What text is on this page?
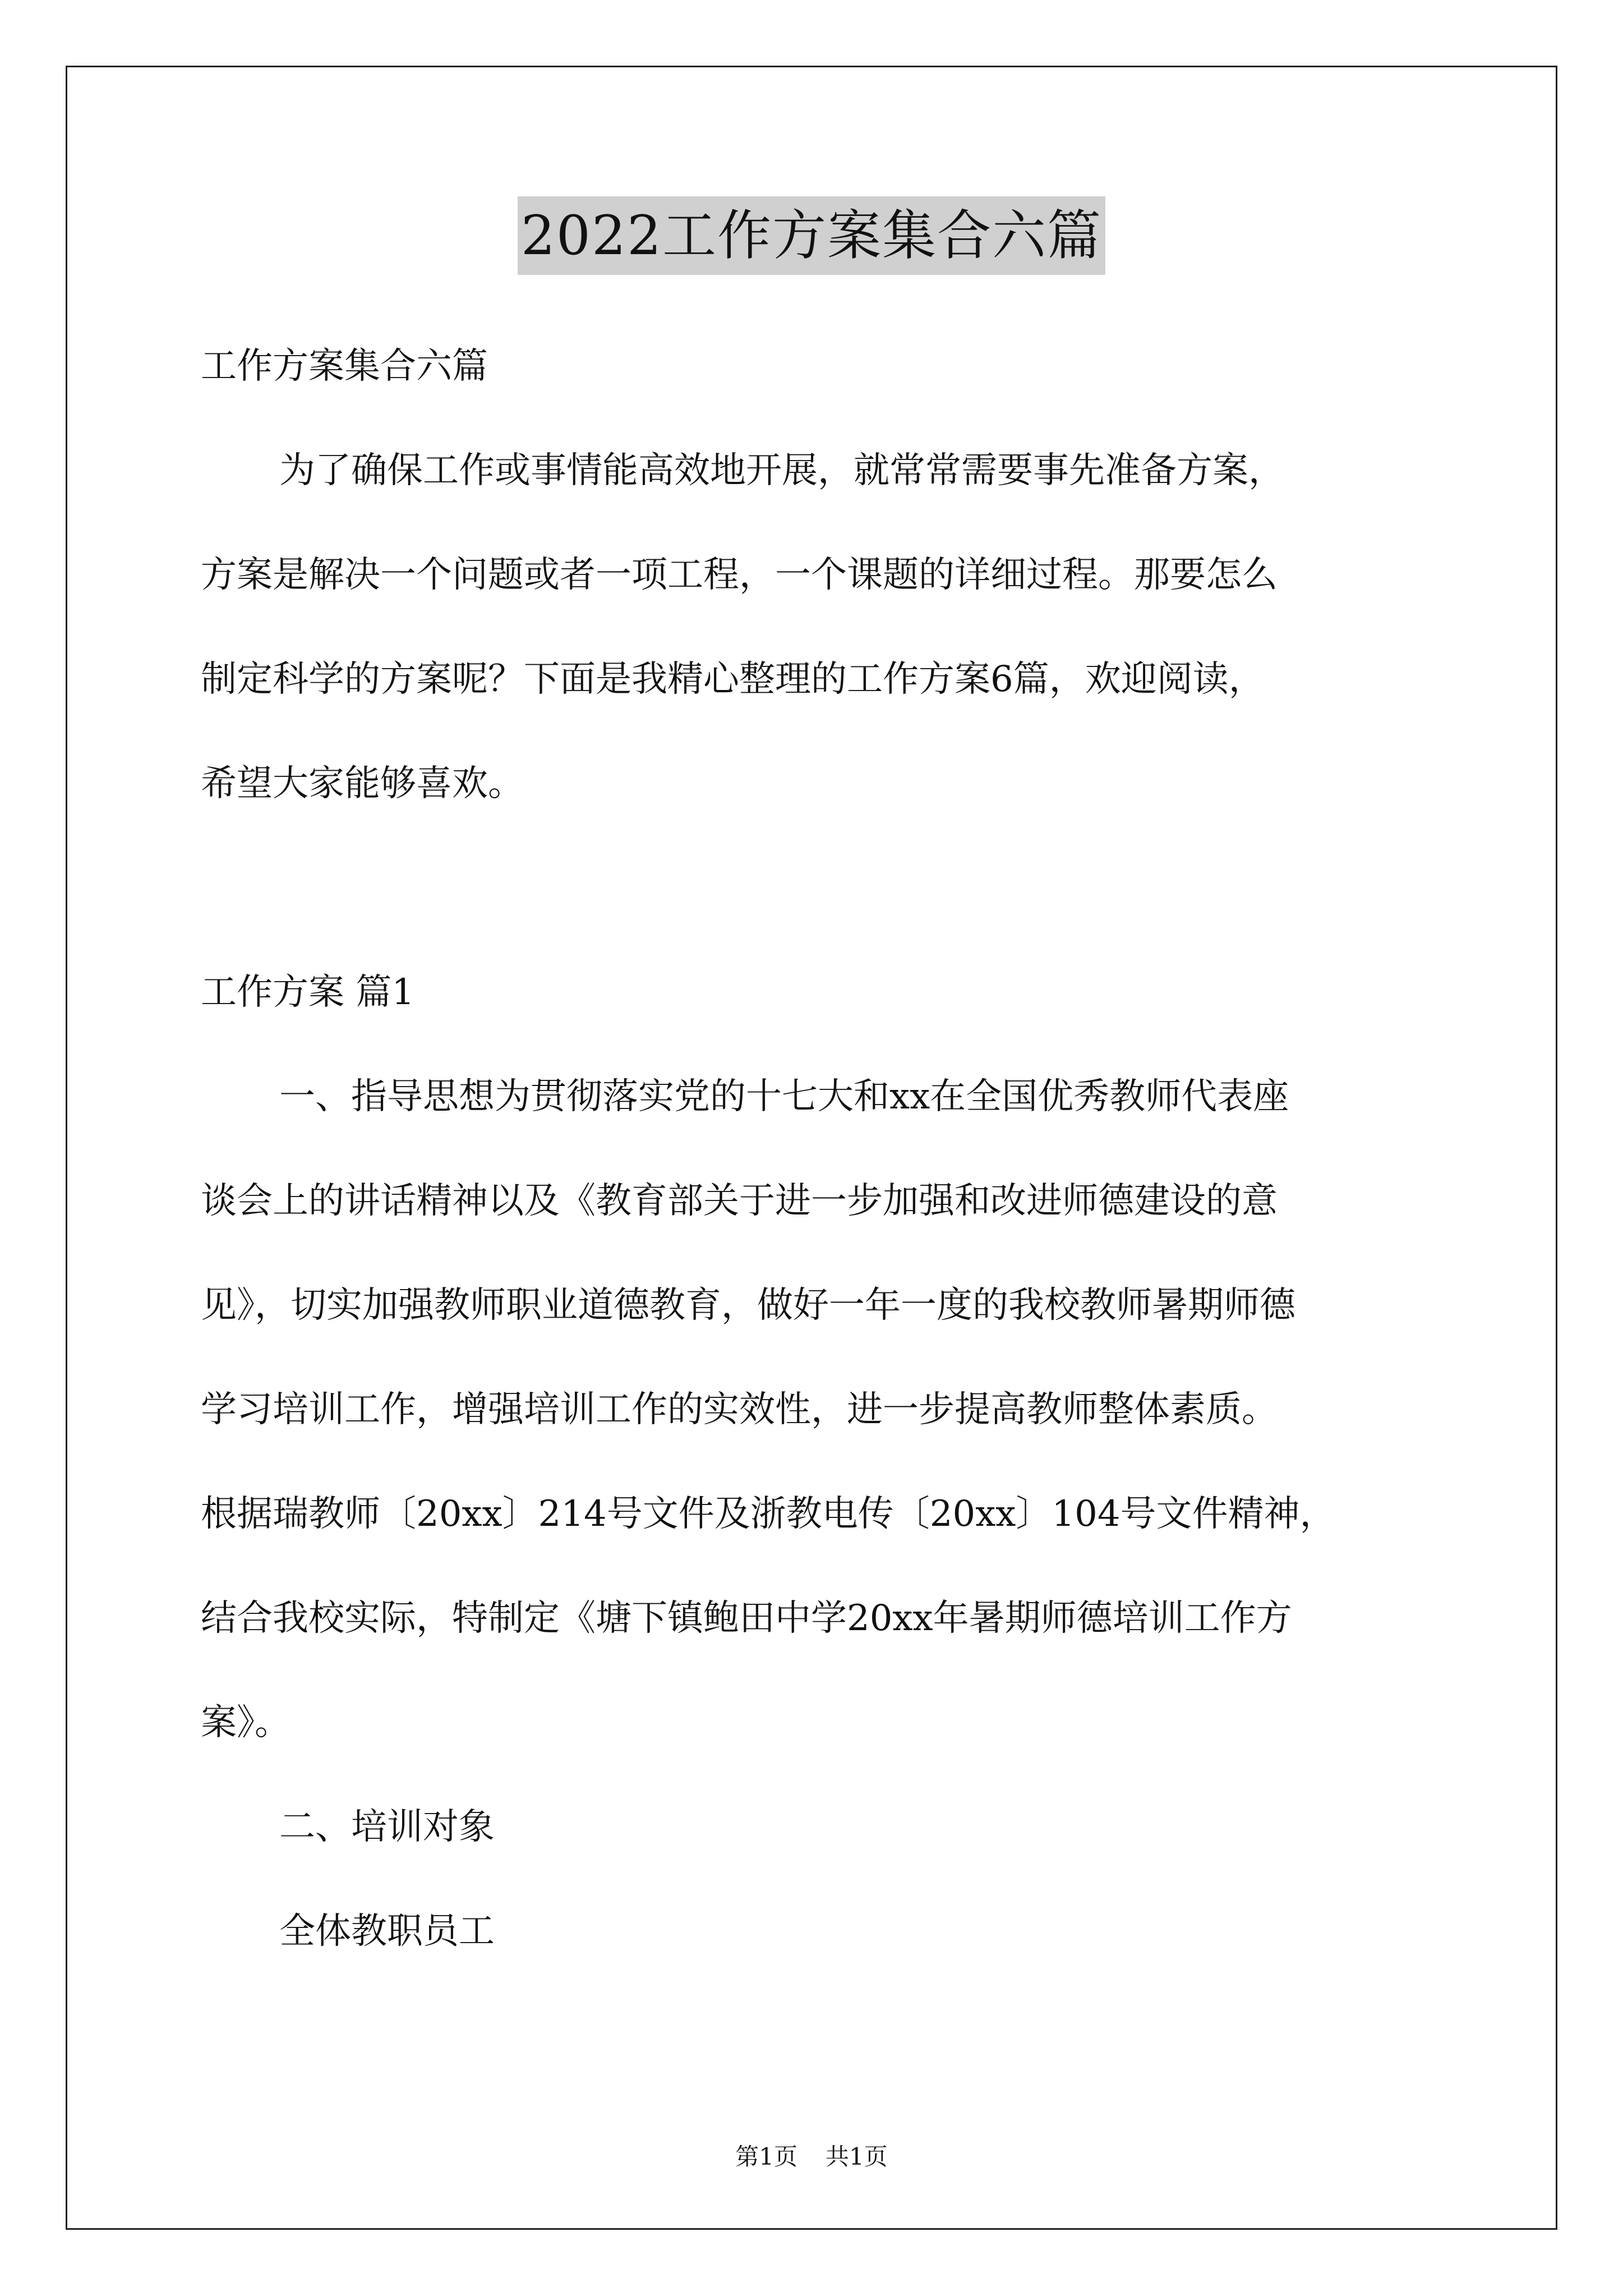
2022工作方案集合六篇

工作方案集合六篇

为了确保工作或事情能高效地开展，就常常需要事先准备方案，

方案是解决一个问题或者一项工程，一个课题的详细过程。那要怎么

制定科学的方案呢？下面是我精心整理的工作方案6篇，欢迎阅读，

希望大家能够喜欢。

工作方案 篇1

一、指导思想为贯彻落实党的十七大和xx在全国优秀教师代表座

谈会上的讲话精神以及《教育部关于进一步加强和改进师德建设的意

见》，切实加强教师职业道德教育，做好一年一度的我校教师暑期师德

学习培训工作，增强培训工作的实效性，进一步提高教师整体素质。

根据瑞教师〔20xx〕214号文件及浙教电传〔20xx〕104号文件精神，

结合我校实际，特制定《塘下镇鲍田中学20xx年暑期师德培训工作方

案》。

二、培训对象

全体教职员工

第1页 共1页
